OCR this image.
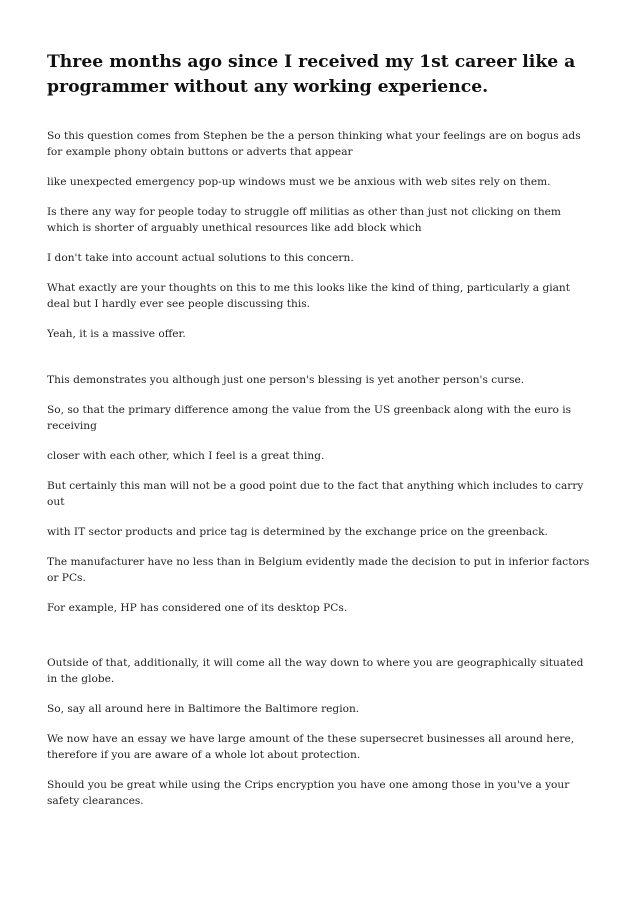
Three months ago since I received my 1st career like a programmer without any working experience.

So this question comes from Stephen be the a person thinking what your feelings are on bogus ads for example phony obtain buttons or adverts that appear

like unexpected emergency pop-up windows must we be anxious with web sites rely on them.

Is there any way for people today to struggle off militias as other than just not clicking on them which is shorter of arguably unethical resources like add block which

I don't take into account actual solutions to this concern.

What exactly are your thoughts on this to me this looks like the kind of thing, particularly a giant deal but I hardly ever see people discussing this.

Yeah, it is a massive offer.

This demonstrates you although just one person's blessing is yet another person's curse.

So, so that the primary difference among the value from the US greenback along with the euro is receiving

closer with each other, which I feel is a great thing.

But certainly this man will not be a good point due to the fact that anything which includes to carry out

with IT sector products and price tag is determined by the exchange price on the greenback.

The manufacturer have no less than in Belgium evidently made the decision to put in inferior factors or PCs.

For example, HP has considered one of its desktop PCs.

Outside of that, additionally, it will come all the way down to where you are geographically situated in the globe.

So, say all around here in Baltimore the Baltimore region.

We now have an essay we have large amount of the these supersecret businesses all around here, therefore if you are aware of a whole lot about protection.

Should you be great while using the Crips encryption you have one among those in you've a your safety clearances.
